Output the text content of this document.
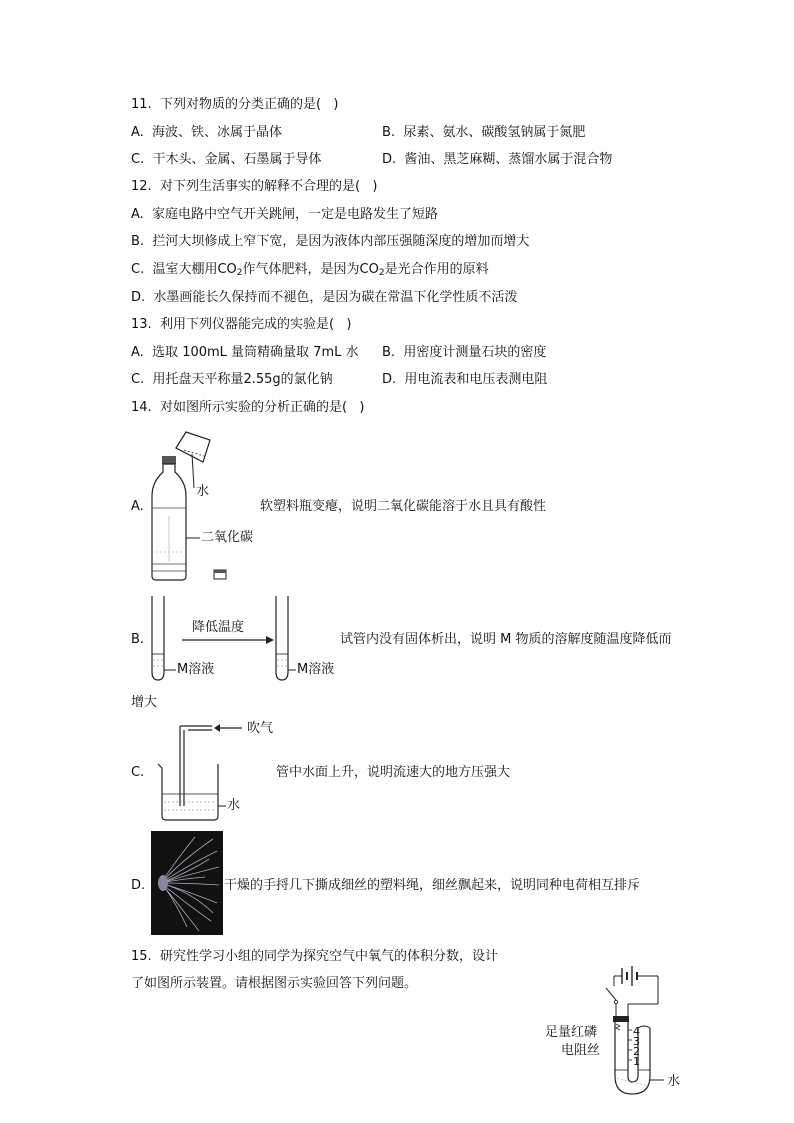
11.  下列对物质的分类正确的是(   )
A.  海波、铁、冰属于晶体	B.  尿素、氨水、碳酸氢钠属于氮肥
C.  干木头、金属、石墨属于导体	D.  酱油、黑芝麻糊、蒸馏水属于混合物
12.  对下列生活事实的解释不合理的是(   )
A.  家庭电路中空气开关跳闸，一定是电路发生了短路
B.  拦河大坝修成上窄下宽，是因为液体内部压强随深度的增加而增大
C.  温室大棚用$CO_2$作气体肥料，是因为$CO_2$是光合作用的原料
D.  水墨画能长久保持而不褪色，是因为碳在常温下化学性质不活泼
13.  利用下列仪器能完成的实验是(   )
A.  选取 100mL 量筒精确量取 7mL 水 B.  用密度计测量石块的密度
C.  用托盘天平称量2.55g的氯化钠	D.  用电流表和电压表测电阻
14.  对如图所示实验的分析正确的是(   )
A.
水
二氧化碳
软塑料瓶变瘪，说明二氧化碳能溶于水且具有酸性
B.
降低温度
M溶液	M溶液
试管内没有固体析出，说明 M 物质的溶解度随温度降低而
增大
C.
吹气
水
管中水面上升，说明流速大的地方压强大
D.	干燥的手捋几下撕成细丝的塑料绳，细丝飘起来，说明同种电荷相互排斥
15.  研究性学习小组的同学为探究空气中氧气的体积分数，设计
了如图所示装置。请根据图示实验回答下列问题。
足量红磷
电阻丝
水
4
3
2
1
